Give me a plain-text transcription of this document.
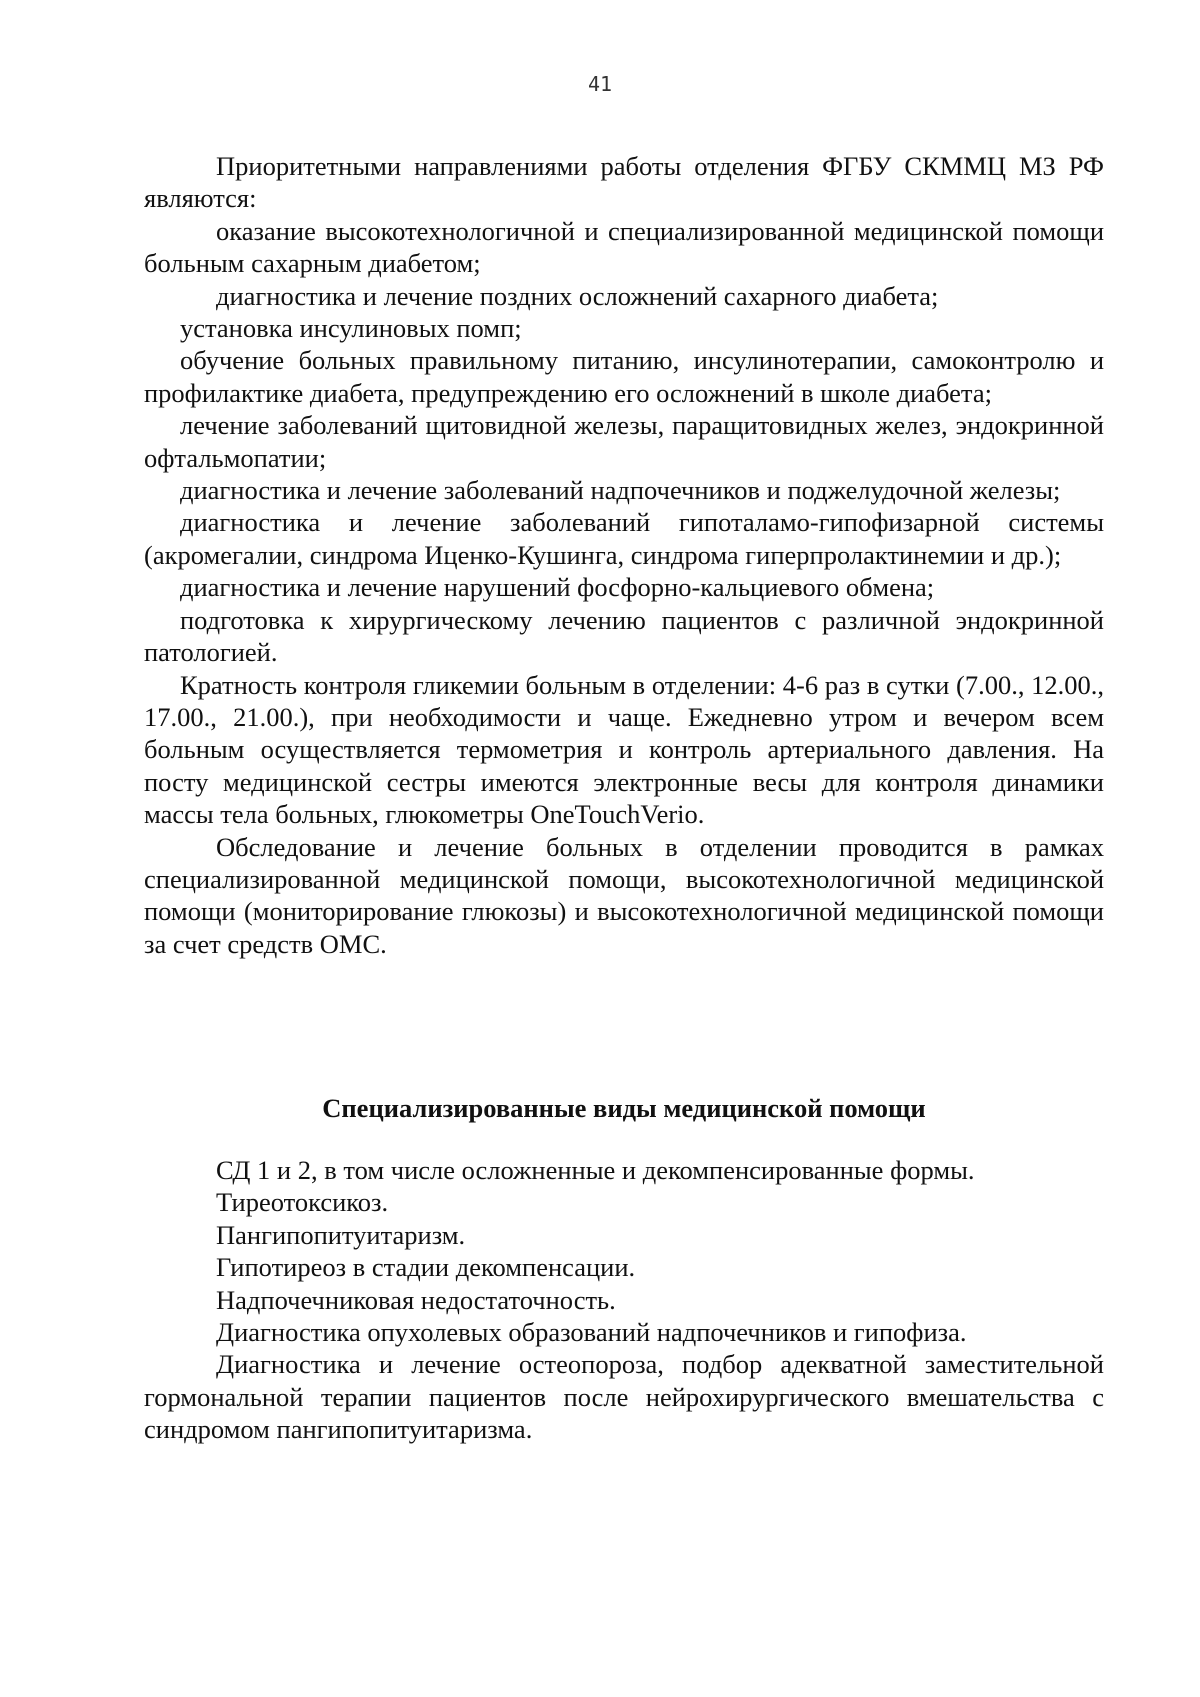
41

Приоритетными направлениями работы отделения ФГБУ СКММЦ МЗ РФ являются:

оказание высокотехнологичной и специализированной медицинской помощи больным сахарным диабетом;

диагностика и лечение поздних осложнений сахарного диабета;

установка инсулиновых помп;

обучение больных правильному питанию, инсулинотерапии, самоконтролю и профилактике диабета, предупреждению его осложнений в школе диабета;

лечение заболеваний щитовидной железы, паращитовидных желез, эндокринной офтальмопатии;

диагностика и лечение заболеваний надпочечников и поджелудочной железы;

диагностика и лечение заболеваний гипоталамо-гипофизарной системы (акромегалии, синдрома Иценко-Кушинга, синдрома гиперпролактинемии и др.);

диагностика и лечение нарушений фосфорно-кальциевого обмена;

подготовка к хирургическому лечению пациентов с различной эндокринной патологией.

Кратность контроля гликемии больным в отделении: 4-6 раз в сутки (7.00., 12.00., 17.00., 21.00.), при необходимости и чаще. Ежедневно утром и вечером всем больным осуществляется термометрия и контроль артериального давления. На посту медицинской сестры имеются электронные весы для контроля динамики массы тела больных, глюкометры OneTouchVerio.

Обследование и лечение больных в отделении проводится в рамках специализированной медицинской помощи, высокотехнологичной медицинской помощи (мониторирование глюкозы) и высокотехнологичной медицинской помощи за счет средств ОМС.

Специализированные виды медицинской помощи

СД 1 и 2, в том числе осложненные и декомпенсированные формы.

Тиреотоксикоз.

Пангипопитуитаризм.

Гипотиреоз в стадии декомпенсации.

Надпочечниковая недостаточность.

Диагностика опухолевых образований надпочечников и гипофиза.

Диагностика и лечение остеопороза, подбор адекватной заместительной гормональной терапии пациентов после нейрохирургического вмешательства с синдромом пангипопитуитаризма.
